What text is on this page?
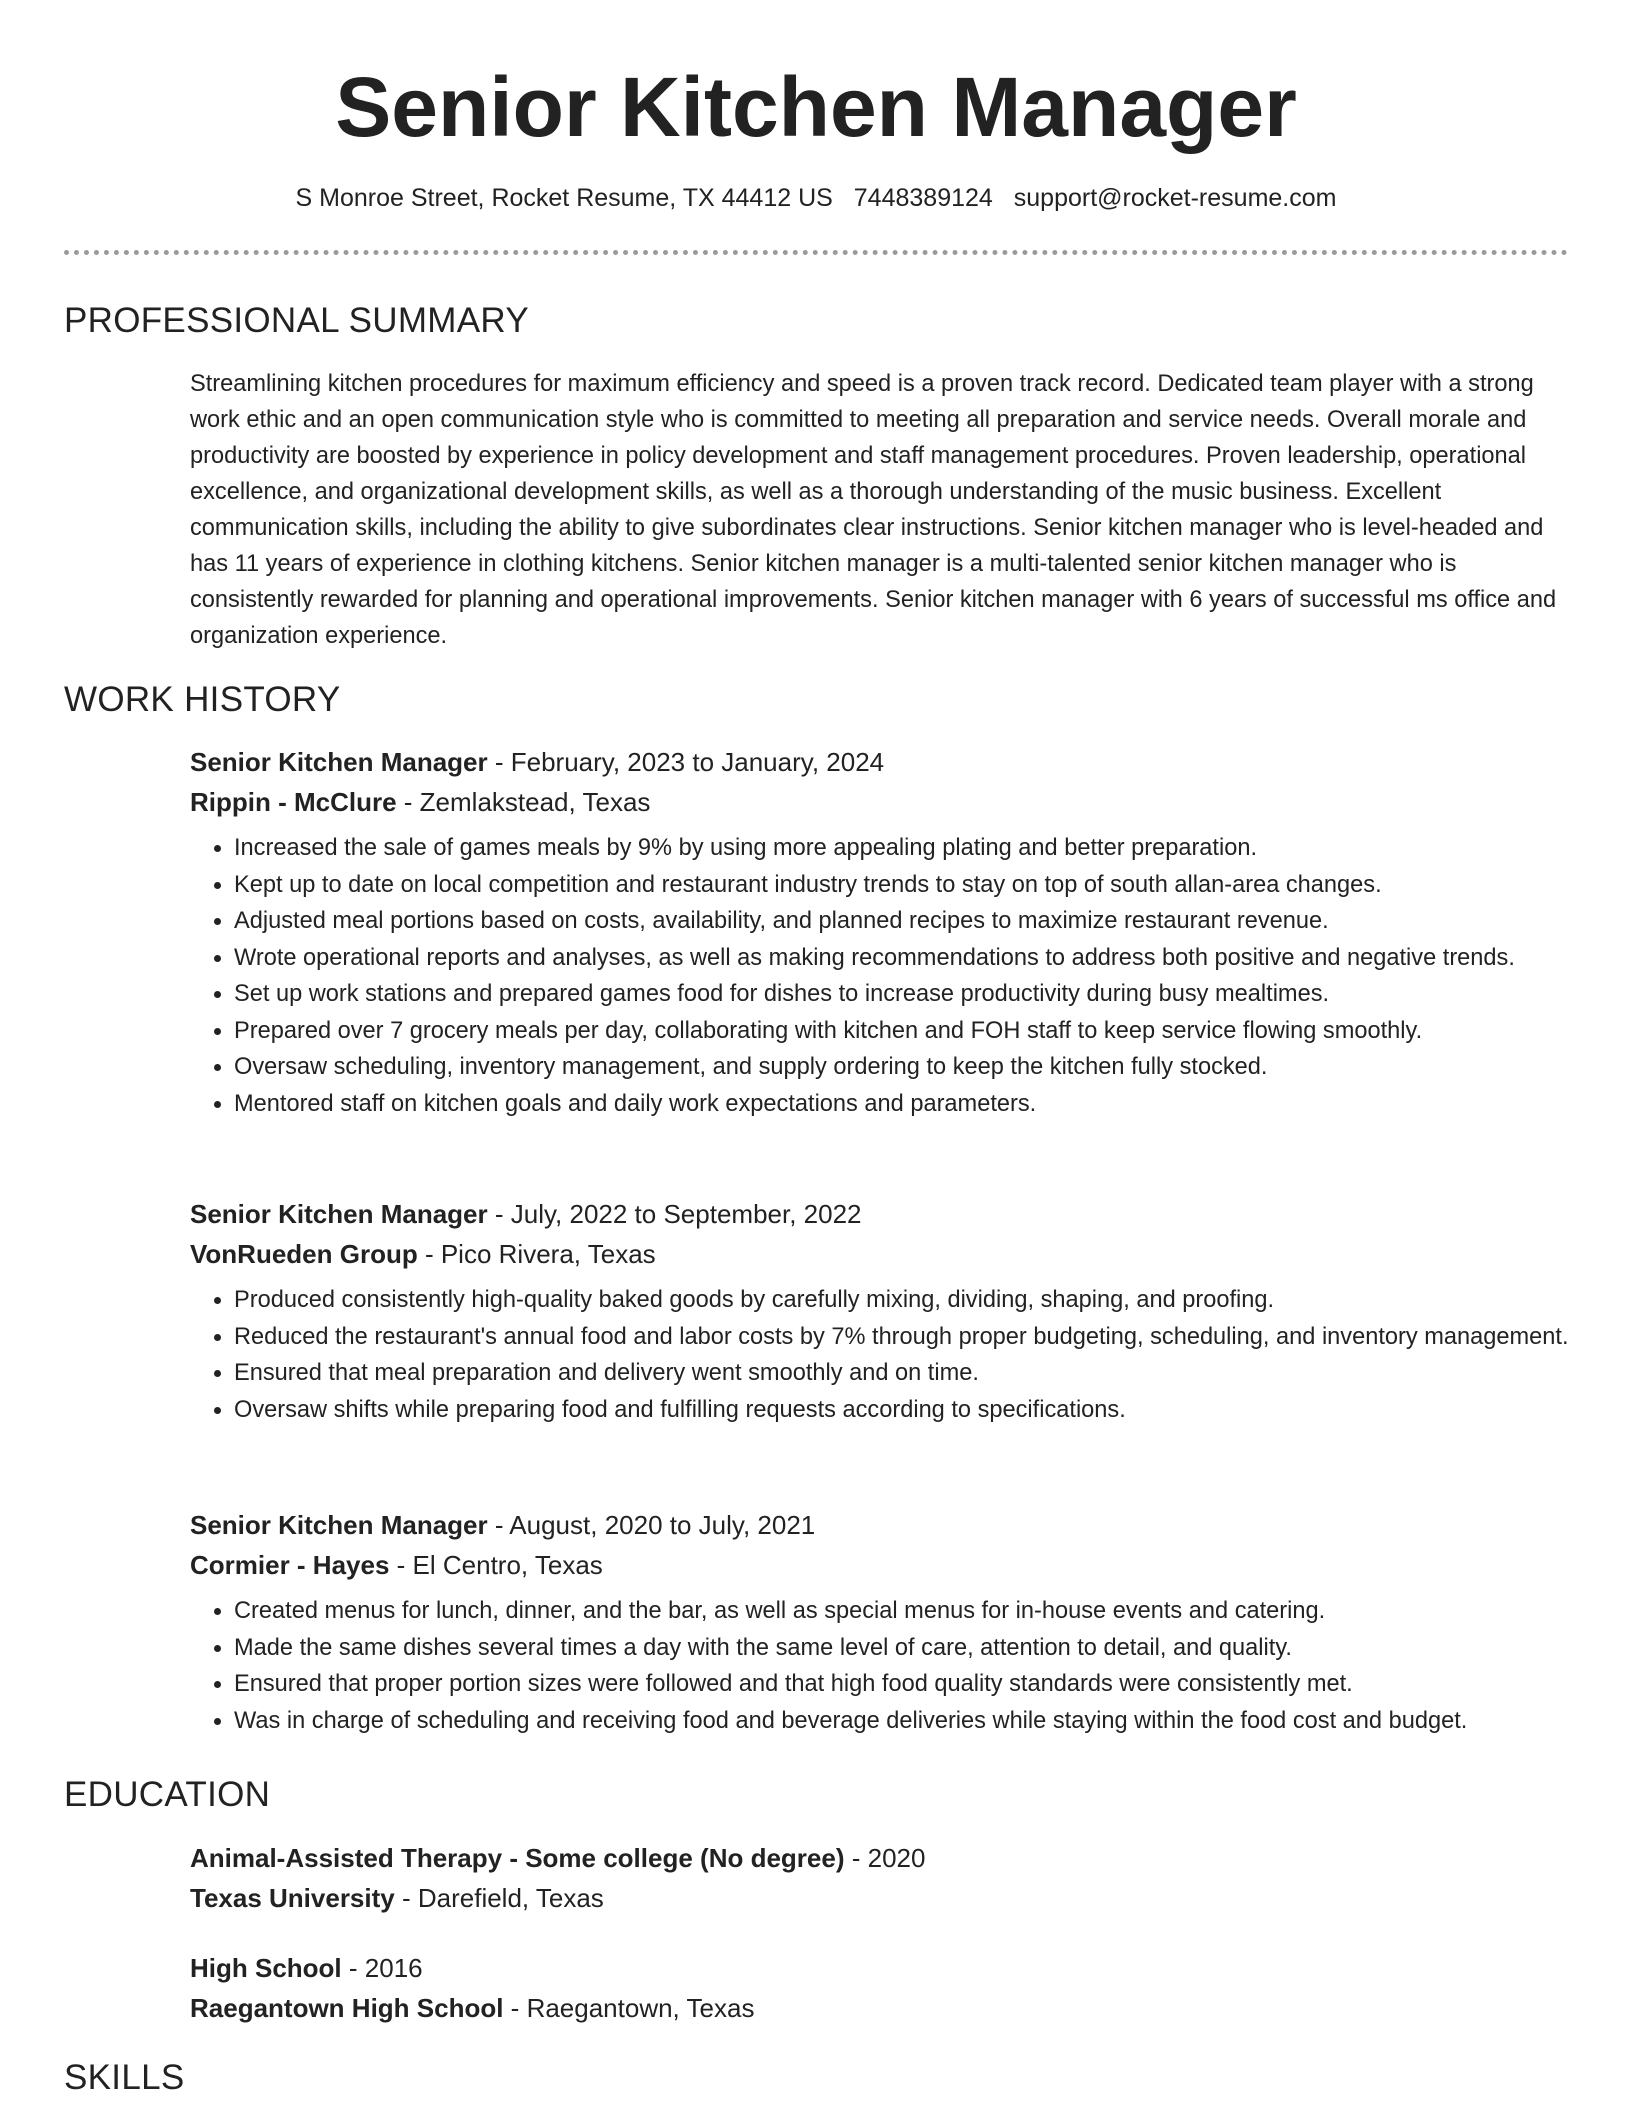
Senior Kitchen Manager
S Monroe Street, Rocket Resume, TX 44412 US 7448389124 support@rocket-resume.com
PROFESSIONAL SUMMARY

Streamlining kitchen procedures for maximum efficiency and speed is a proven track record. Dedicated team player with a strong work ethic and an open communication style who is committed to meeting all preparation and service needs. Overall morale and productivity are boosted by experience in policy development and staff management procedures. Proven leadership, operational excellence, and organizational development skills, as well as a thorough understanding of the music business. Excellent communication skills, including the ability to give subordinates clear instructions. Senior kitchen manager who is level-headed and has 11 years of experience in clothing kitchens. Senior kitchen manager is a multi-talented senior kitchen manager who is consistently rewarded for planning and operational improvements. Senior kitchen manager with 6 years of successful ms office and organization experience.

WORK HISTORY

Senior Kitchen Manager - February, 2023 to January, 2024

Rippin - McClure - Zemlakstead, Texas

• Increased the sale of games meals by 9% by using more appealing plating and better preparation.
• Kept up to date on local competition and restaurant industry trends to stay on top of south allan-area changes.
• Adjusted meal portions based on costs, availability, and planned recipes to maximize restaurant revenue.
• Wrote operational reports and analyses, as well as making recommendations to address both positive and negative trends.
• Set up work stations and prepared games food for dishes to increase productivity during busy mealtimes.
• Prepared over 7 grocery meals per day, collaborating with kitchen and FOH staff to keep service flowing smoothly.
• Oversaw scheduling, inventory management, and supply ordering to keep the kitchen fully stocked.
• Mentored staff on kitchen goals and daily work expectations and parameters.

Senior Kitchen Manager - July, 2022 to September, 2022

VonRueden Group - Pico Rivera, Texas

• Produced consistently high-quality baked goods by carefully mixing, dividing, shaping, and proofing.
• Reduced the restaurant's annual food and labor costs by 7% through proper budgeting, scheduling, and inventory management.
• Ensured that meal preparation and delivery went smoothly and on time.
• Oversaw shifts while preparing food and fulfilling requests according to specifications.

Senior Kitchen Manager - August, 2020 to July, 2021

Cormier - Hayes - El Centro, Texas

• Created menus for lunch, dinner, and the bar, as well as special menus for in-house events and catering.
• Made the same dishes several times a day with the same level of care, attention to detail, and quality.
• Ensured that proper portion sizes were followed and that high food quality standards were consistently met.
• Was in charge of scheduling and receiving food and beverage deliveries while staying within the food cost and budget.
EDUCATION

Animal-Assisted Therapy - Some college (No degree) - 2020

Texas University - Darefield, Texas

High School - 2016

Raegantown High School - Raegantown, Texas

SKILLS
